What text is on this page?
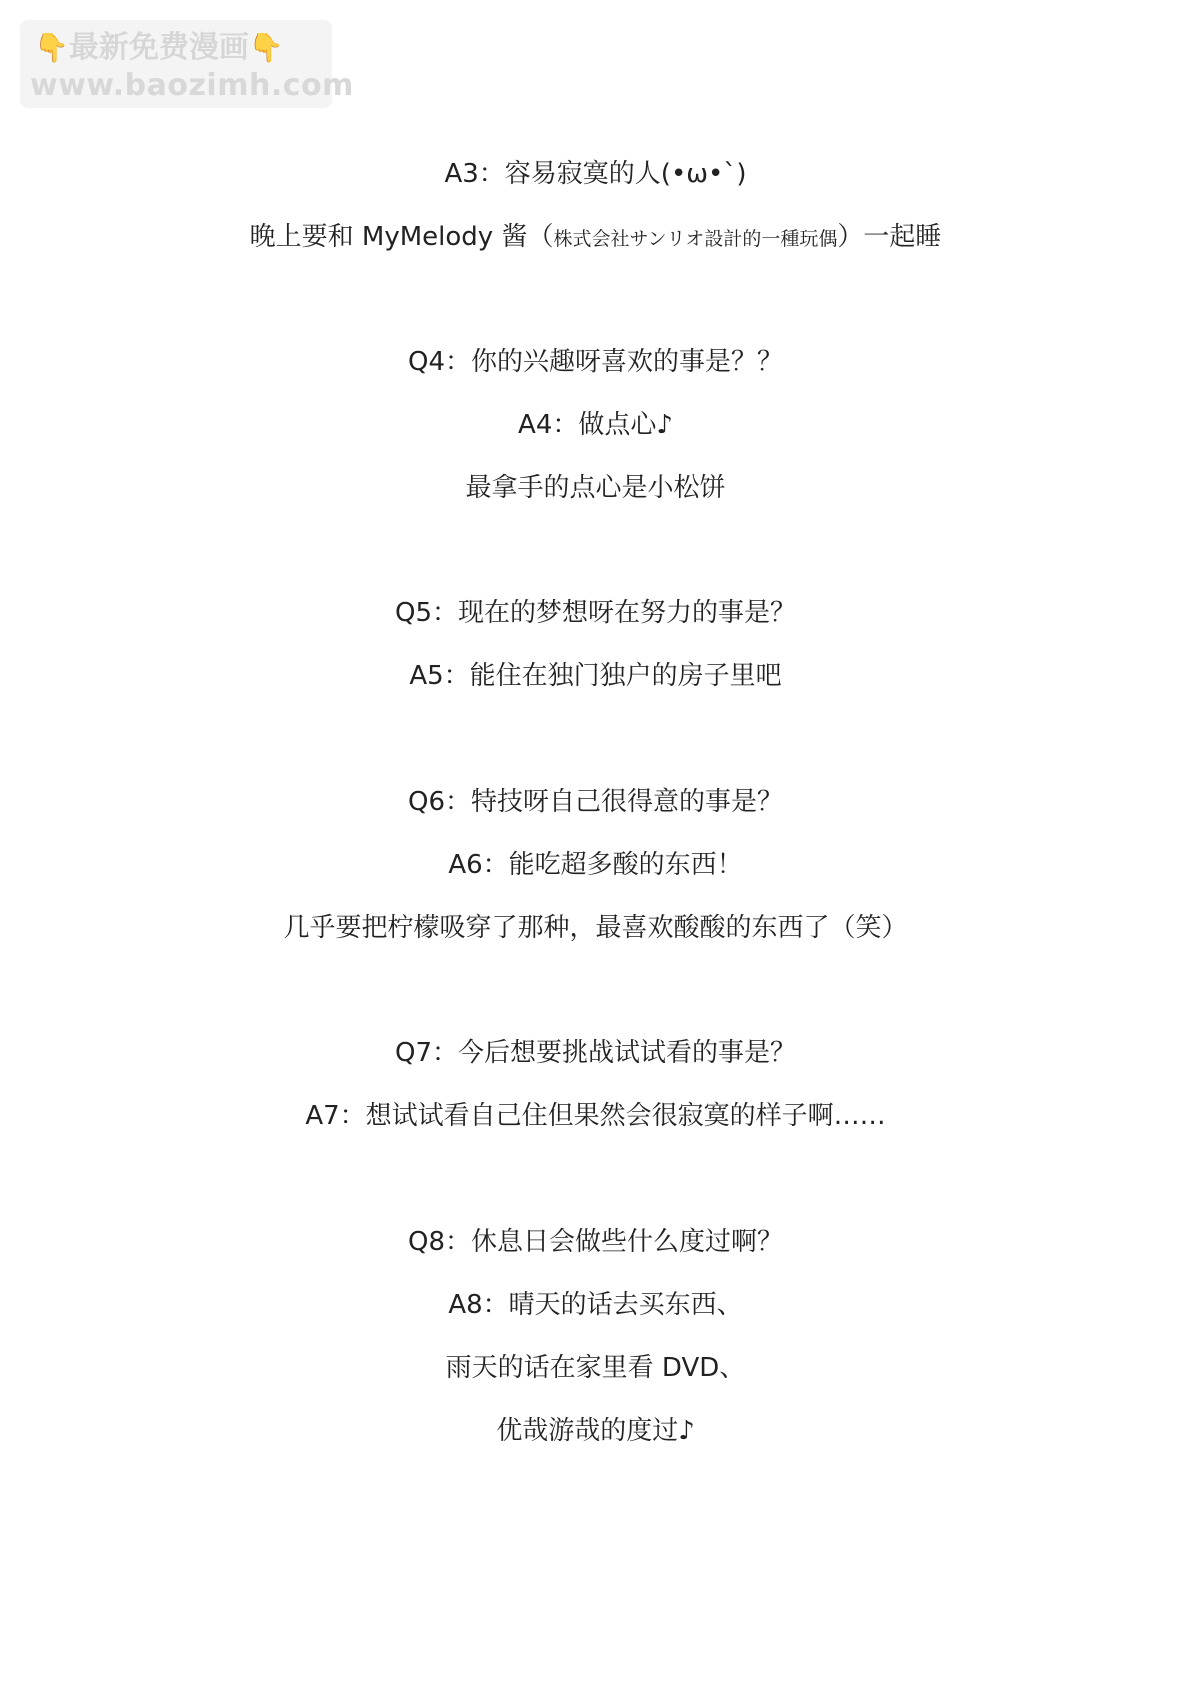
👇最新免费漫画👇
www.baozimh.com
A3：容易寂寞的人(•ω•`)
晚上要和 MyMelody 酱（株式会社サンリオ設計的一種玩偶）一起睡
Q4：你的兴趣呀喜欢的事是？？
A4：做点心♪
最拿手的点心是小松饼
Q5：现在的梦想呀在努力的事是？
A5：能住在独门独户的房子里吧
Q6：特技呀自己很得意的事是？
A6：能吃超多酸的东西！
几乎要把柠檬吸穿了那种，最喜欢酸酸的东西了（笑）
Q7：今后想要挑战试试看的事是？
A7：想试试看自己住但果然会很寂寞的样子啊……
Q8：休息日会做些什么度过啊？
A8：晴天的话去买东西、
雨天的话在家里看 DVD、
优哉游哉的度过♪
